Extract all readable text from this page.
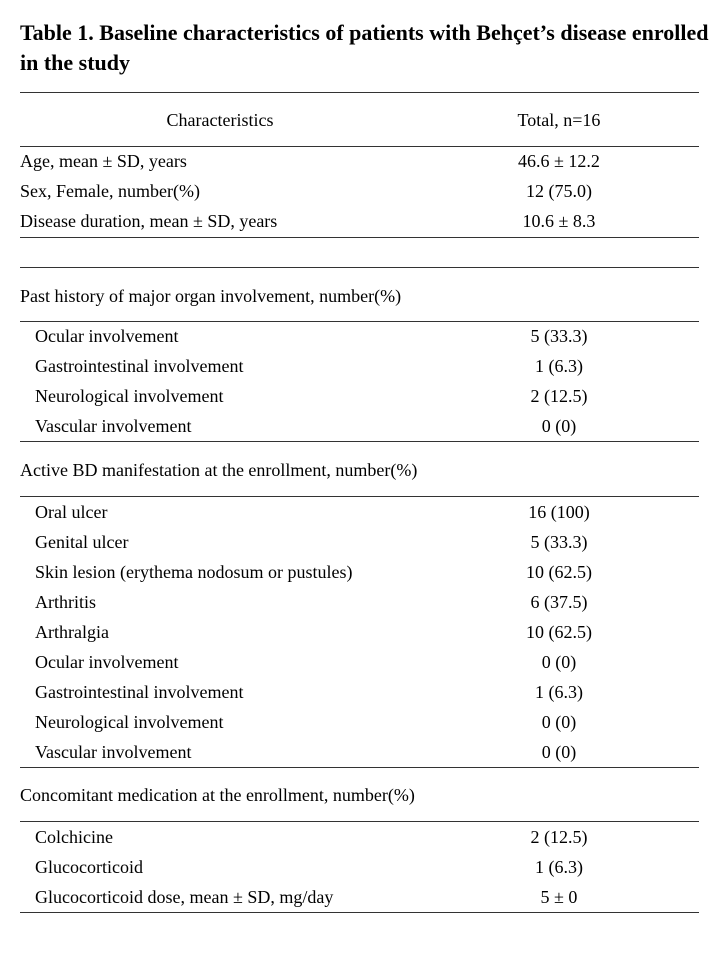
Table 1. Baseline characteristics of patients with Behçet’s disease enrolled in the study
Characteristics	Total, n=16
Age, mean ± SD, years	46.6 ± 12.2
Sex, Female, number(%)	12 (75.0)
Disease duration, mean ± SD, years	10.6 ± 8.3
Past history of major organ involvement, number(%)
Ocular involvement	5 (33.3)
Gastrointestinal involvement	1 (6.3)
Neurological involvement	2 (12.5)
Vascular involvement	0 (0)
Active BD manifestation at the enrollment, number(%)
Oral ulcer	16 (100)
Genital ulcer	5 (33.3)
Skin lesion (erythema nodosum or pustules)	10 (62.5)
Arthritis	6 (37.5)
Arthralgia	10 (62.5)
Ocular involvement	0 (0)
Gastrointestinal involvement	1 (6.3)
Neurological involvement	0 (0)
Vascular involvement	0 (0)
Concomitant medication at the enrollment, number(%)
Colchicine	2 (12.5)
Glucocorticoid	1 (6.3)
Glucocorticoid dose, mean ± SD, mg/day	5 ± 0
